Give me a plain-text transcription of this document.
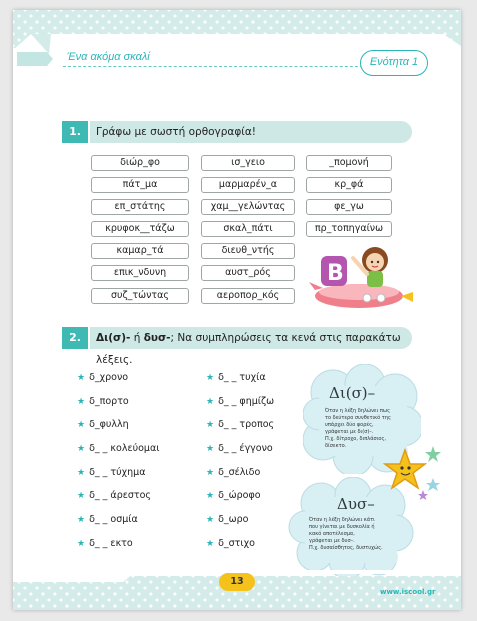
Ένα ακόμα σκαλί	Ενότητα 1
1.	Γράφω με σωστή ορθογραφία!
διώρ_φο
πάτ_μα
επ_στάτης
κρυφοκ__τάζω
καμαρ_τά
επικ_νδυνη
συζ_τώντας
ισ_γειο
μαρμαρέν_α
χαμ__γελώντας
σκαλ_πάτι
διευθ_ντής
αυστ_ρός
αεροπορ_κός
_πομονή
κρ_φά
φε_γω
πρ_τοπηγαίνω
B
2.	Δι(σ)- ή δυσ-; Να συμπληρώσεις τα κενά στις παρακάτω λέξεις.
★ δ_χρονο
★ δ_πορτο
★ δ_φυλλη
★ δ_ _ κολεύομαι
★ δ_ _ τύχημα
★ δ_ _ άρεστος
★ δ_ _ οσμία
★ δ_ _ εκτο
★ δ_ _ τυχία
★ δ_ _ φημίζω
★ δ_ _ τροπος
★ δ_ _ έγγονο
★ δ_σέλιδο
★ δ_ώροφο
★ δ_ωρο
★ δ_στιχο
Δι(σ)–
Όταν η λέξη δηλώνει πως
το δεύτερο συνθετικό της
υπάρχει δύο φορές,
γράφεται με δι(σ)–.
Π.χ. δίτροχο, διπλάσιος,
δίσεκτο.
Δυσ–
Όταν η λέξη δηλώνει κάτι
που γίνεται με δυσκολία ή
κακό αποτέλεσμα,
γράφεται με δυσ–.
Π.χ. δυσαίσθητος, δυστυχώς.
13
www.iscool.gr
